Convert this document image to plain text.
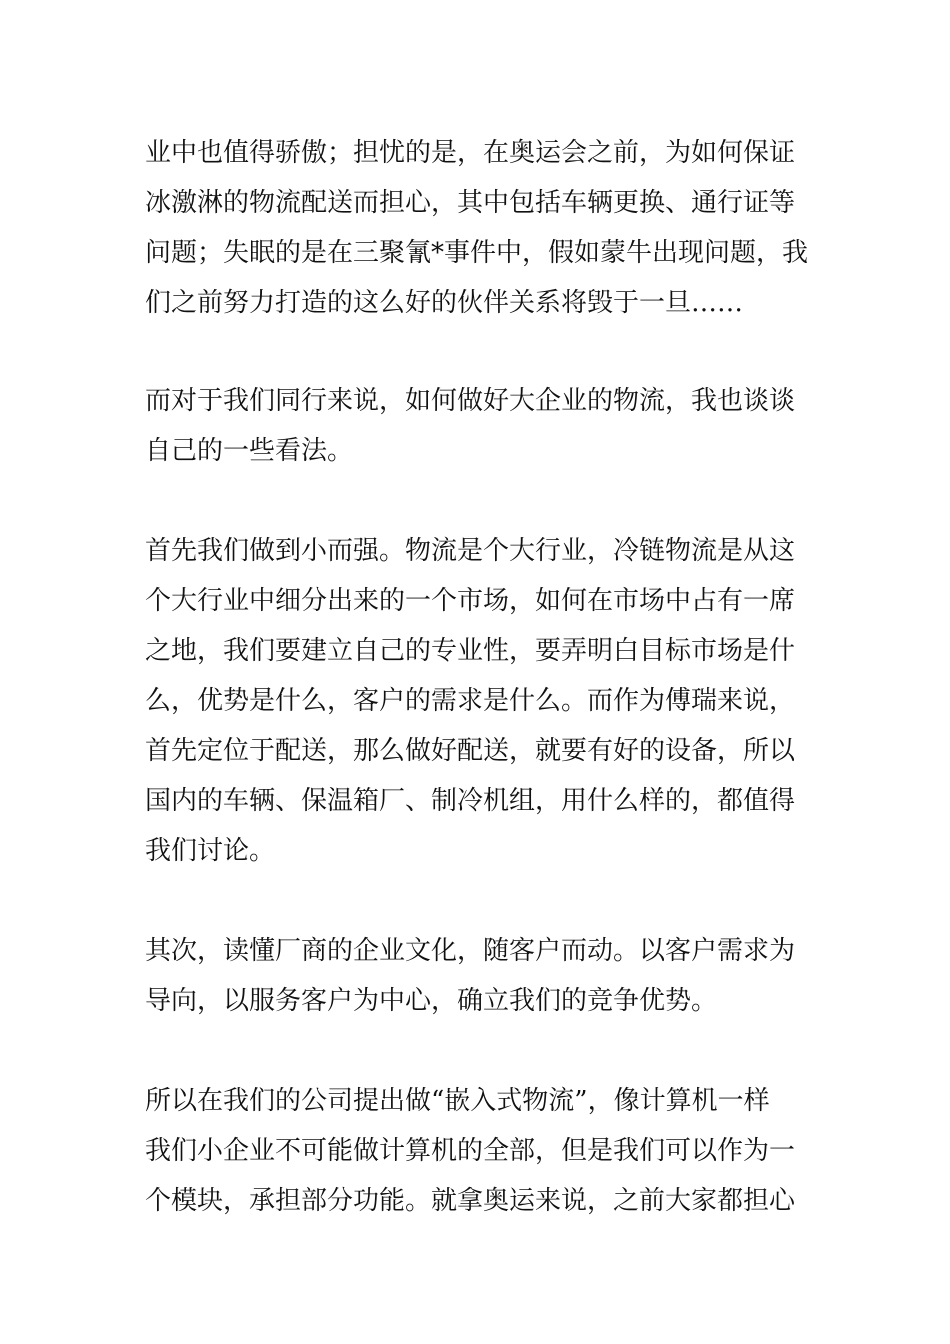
业中也值得骄傲；担忧的是，在奥运会之前，为如何保证
冰激淋的物流配送而担心，其中包括车辆更换、通行证等
问题；失眠的是在三聚氰*事件中，假如蒙牛出现问题，我
们之前努力打造的这么好的伙伴关系将毁于一旦……
而对于我们同行来说，如何做好大企业的物流，我也谈谈
自己的一些看法。
首先我们做到小而强。物流是个大行业，冷链物流是从这
个大行业中细分出来的一个市场，如何在市场中占有一席
之地，我们要建立自己的专业性，要弄明白目标市场是什
么，优势是什么，客户的需求是什么。而作为傅瑞来说，
首先定位于配送，那么做好配送，就要有好的设备，所以
国内的车辆、保温箱厂、制冷机组，用什么样的，都值得
我们讨论。
其次，读懂厂商的企业文化，随客户而动。以客户需求为
导向，以服务客户为中心，确立我们的竞争优势。
所以在我们的公司提出做“嵌入式物流”，像计算机一样
我们小企业不可能做计算机的全部，但是我们可以作为一
个模块，承担部分功能。就拿奥运来说，之前大家都担心
